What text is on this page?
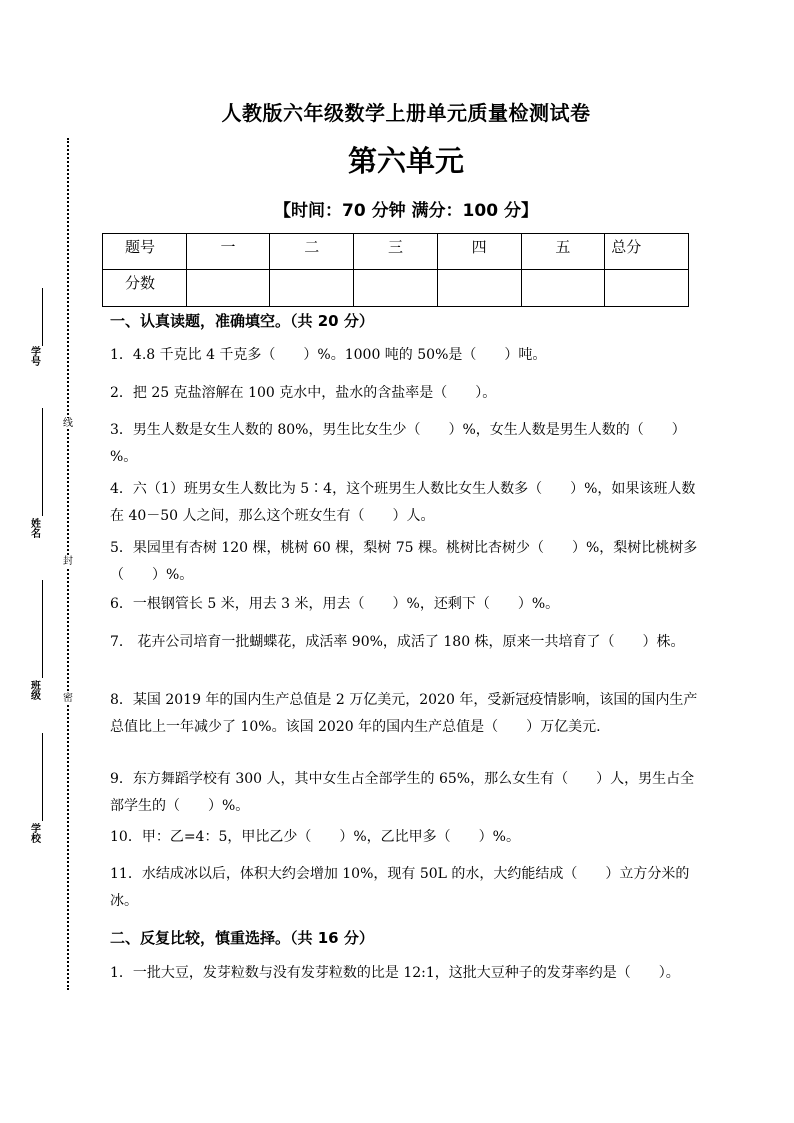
线
封
密
学号
姓名
班级
学校
人教版六年级数学上册单元质量检测试卷
第六单元
【时间：70 分钟 满分：100 分】
题号	一	二	三	四	五	总分
分数						
一、认真读题，准确填空。（共 20 分）
1．4.8 千克比 4 千克多（　　）%。1000 吨的 50%是（　　）吨。
2．把 25 克盐溶解在 100 克水中，盐水的含盐率是（　　）。
3．男生人数是女生人数的 80%，男生比女生少（　　）%，女生人数是男生人数的（　　）%。
4．六（1）班男女生人数比为 5∶4，这个班男生人数比女生人数多（　　）%，如果该班人数在 40－50 人之间，那么这个班女生有（　　）人。
5．果园里有杏树 120 棵，桃树 60 棵，梨树 75 棵。桃树比杏树少（　　）%，梨树比桃树多（　　）%。
6．一根钢管长 5 米，用去 3 米，用去（　　）%，还剩下（　　）%。
7． 花卉公司培育一批蝴蝶花，成活率 90%，成活了 180 株，原来一共培育了（　　）株。
8．某国 2019 年的国内生产总值是 2 万亿美元，2020 年，受新冠疫情影响，该国的国内生产总值比上一年减少了 10%。该国 2020 年的国内生产总值是（　　）万亿美元.
9．东方舞蹈学校有 300 人，其中女生占全部学生的 65%，那么女生有（　　）人，男生占全部学生的（　　）%。
10．甲：乙=4：5，甲比乙少（　　）%，乙比甲多（　　）%。
11．水结成冰以后，体积大约会增加 10%，现有 50L 的水，大约能结成（　　）立方分米的冰。
二、反复比较，慎重选择。（共 16 分）
1．一批大豆，发芽粒数与没有发芽粒数的比是 12:1，这批大豆种子的发芽率约是（　　）。
